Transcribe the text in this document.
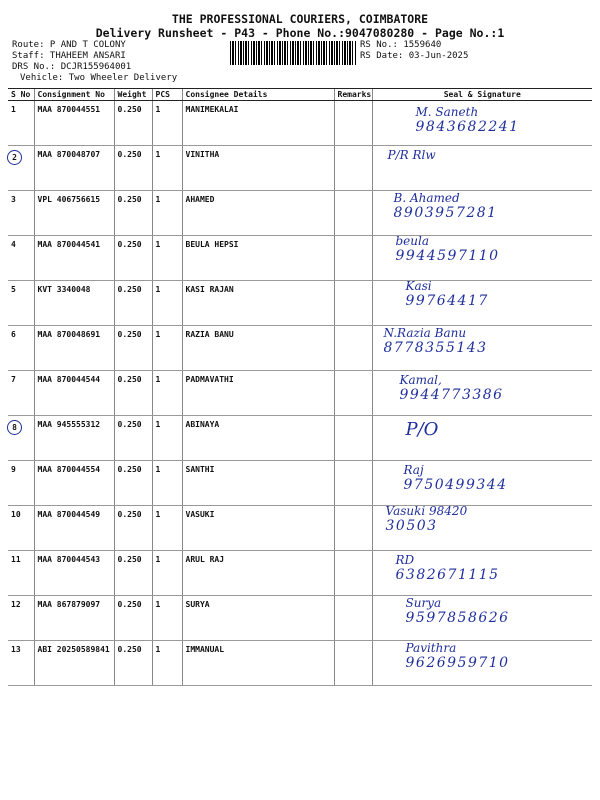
THE PROFESSIONAL COURIERS, COIMBATORE
Delivery Runsheet - P43 - Phone No.:9047080280 - Page No.:1
Route: P AND T COLONY
Staff: THAHEEM ANSARI
DRS No.: DCJR155964001
Vehicle: Two Wheeler Delivery
RS No.: 1559640
RS Date: 03-Jun-2025
S No	Consignment No	Weight	PCS	Consignee Details	Remarks	Seal & Signature
1	MAA 870044551	0.250	1	MANIMEKALAI		M. Saneth
9843682241

2	MAA 870048707	0.250	1	VINITHA		P/R Rlw

3	VPL 406756615	0.250	1	AHAMED		B. Ahamed
8903957281

4	MAA 870044541	0.250	1	BEULA HEPSI		beula
9944597110

5	KVT 3340048	0.250	1	KASI RAJAN		Kasi
99764417

6	MAA 870048691	0.250	1	RAZIA BANU		N.Razia Banu
8778355143

7	MAA 870044544	0.250	1	PADMAVATHI		Kamal,
9944773386

8	MAA 945555312	0.250	1	ABINAYA		P/O

9	MAA 870044554	0.250	1	SANTHI		Raj
9750499344

10	MAA 870044549	0.250	1	VASUKI		Vasuki 98420
30503

11	MAA 870044543	0.250	1	ARUL RAJ		RD
6382671115

12	MAA 867879097	0.250	1	SURYA		Surya
9597858626

13	ABI 20250589841	0.250	1	IMMANUAL		Pavithra
9626959710
